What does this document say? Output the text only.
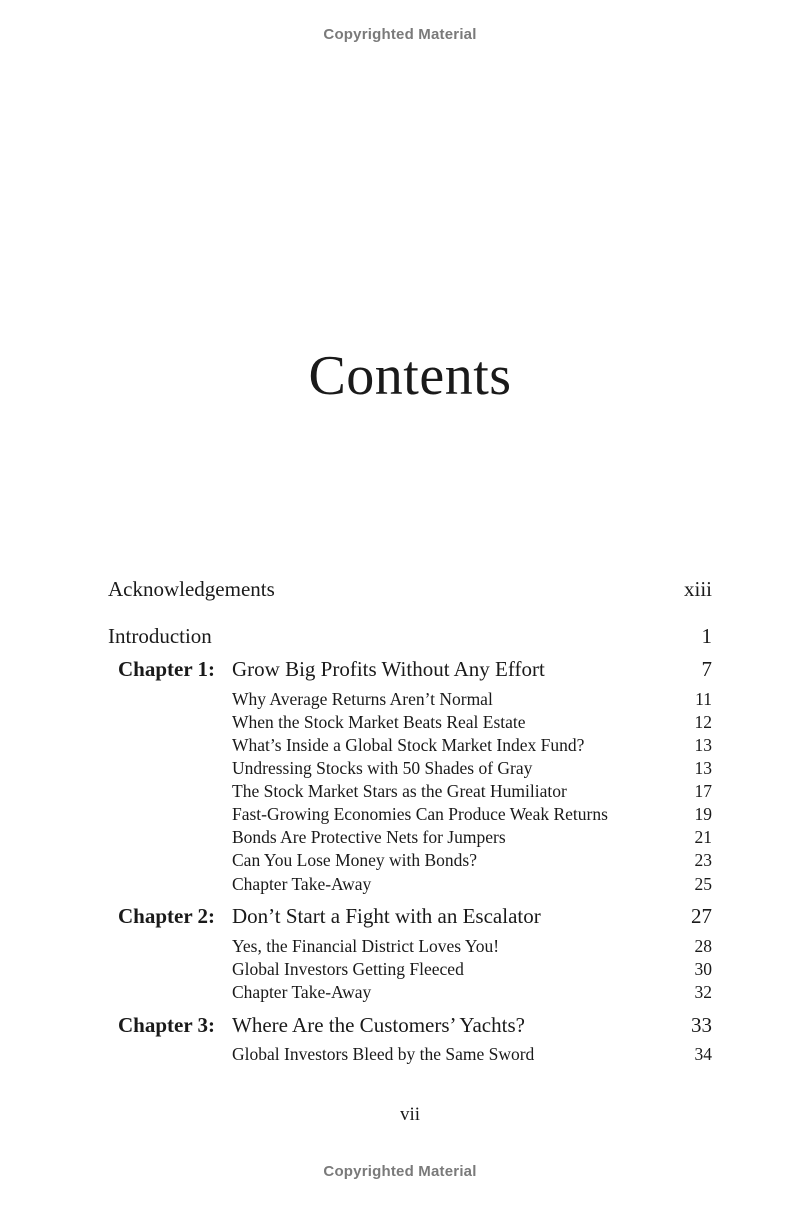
Copyrighted Material
Contents
Acknowledgements	xiii
Introduction	1
Chapter 1: Grow Big Profits Without Any Effort	7
Why Average Returns Aren’t Normal	11
When the Stock Market Beats Real Estate	12
What’s Inside a Global Stock Market Index Fund?	13
Undressing Stocks with 50 Shades of Gray	13
The Stock Market Stars as the Great Humiliator	17
Fast-Growing Economies Can Produce Weak Returns	19
Bonds Are Protective Nets for Jumpers	21
Can You Lose Money with Bonds?	23
Chapter Take-Away	25
Chapter 2: Don’t Start a Fight with an Escalator	27
Yes, the Financial District Loves You!	28
Global Investors Getting Fleeced	30
Chapter Take-Away	32
Chapter 3: Where Are the Customers’ Yachts?	33
Global Investors Bleed by the Same Sword	34
vii
Copyrighted Material
